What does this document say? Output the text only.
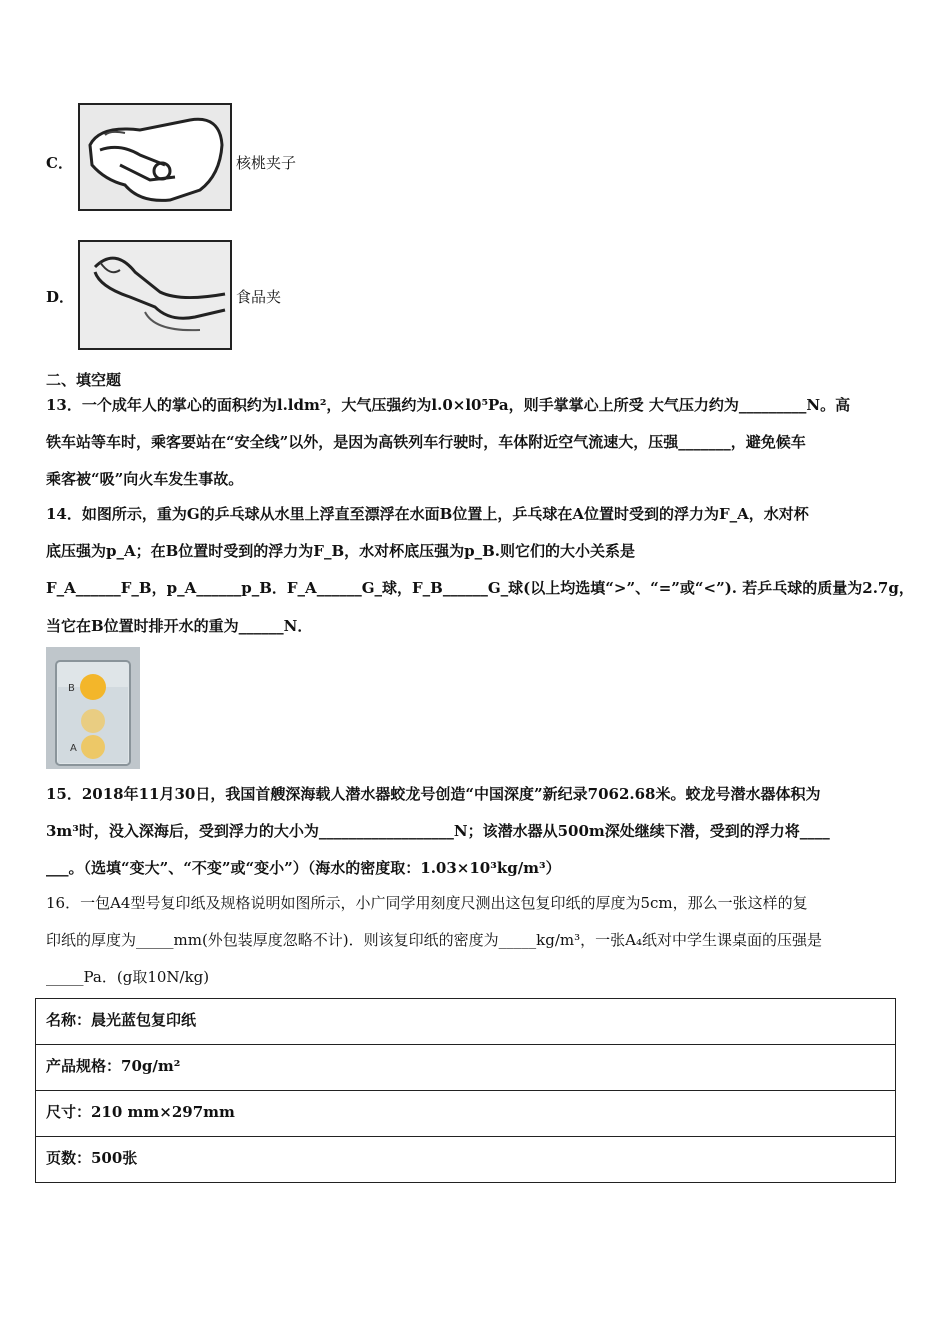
C．	核桃夹子
D．	食品夹
二、填空题
13．一个成年人的掌心的面积约为l.ldm²，大气压强约为l.0×l0⁵Pa，则手掌掌心上所受 大气压力约为_________N。高
铁车站等车时，乘客要站在“安全线”以外，是因为高铁列车行驶时，车体附近空气流速大，压强_______，避免候车
乘客被“吸”向火车发生事故。
14．如图所示，重为G的乒乓球从水里上浮直至漂浮在水面B位置上，乒乓球在A位置时受到的浮力为F_A，水对杯
底压强为p_A；在B位置时受到的浮力为F_B，水对杯底压强为p_B.则它们的大小关系是
F_A______F_B，p_A______p_B．F_A______G_球，F_B______G_球(以上均选填“>”、“=”或“<”). 若乒乓球的质量为2.7g，
当它在B位置时排开水的重为______N．
B
A
15．2018年11月30日，我国首艘深海载人潜水器蛟龙号创造“中国深度”新纪录7062.68米。蛟龙号潜水器体积为
3m³时，没入深海后，受到浮力的大小为__________________N；该潜水器从500m深处继续下潜，受到的浮力将____
___。（选填“变大”、“不变”或“变小”）（海水的密度取：1.03×10³kg/m³）
16．一包A4型号复印纸及规格说明如图所示，小广同学用刻度尺测出这包复印纸的厚度为5cm，那么一张这样的复
印纸的厚度为_____mm(外包装厚度忽略不计)．则该复印纸的密度为_____kg/m³，一张A₄纸对中学生课桌面的压强是
_____Pa．(g取10N/kg)
名称：晨光蓝包复印纸
产品规格：70g/m²
尺寸：210 mm×297mm
页数：500张
